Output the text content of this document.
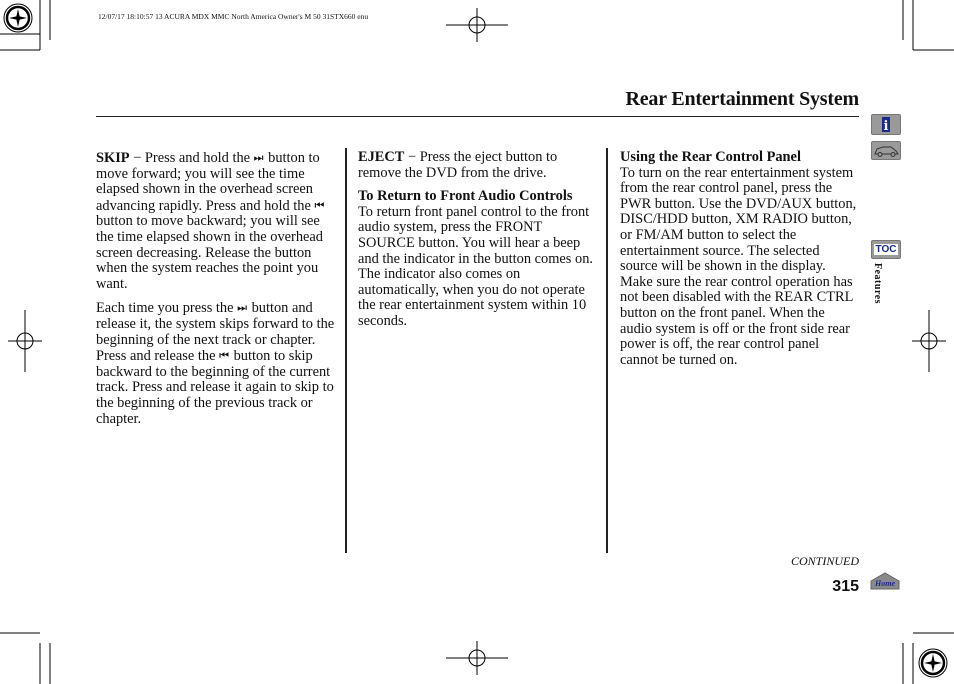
12/07/17 18:10:57 13 ACURA MDX MMC North America Owner's M 50 31STX660 enu
Rear Entertainment System

SKIP − Press and hold the ⏭ button to move forward; you will see the time elapsed shown in the overhead screen advancing rapidly. Press and hold the ⏮ button to move backward; you will see the time elapsed shown in the overhead screen decreasing. Release the button when the system reaches the point you want.

Each time you press the ⏭ button and release it, the system skips forward to the beginning of the next track or chapter. Press and release the ⏮ button to skip backward to the beginning of the current track. Press and release it again to skip to the beginning of the previous track or chapter.

EJECT − Press the eject button to remove the DVD from the drive.

To Return to Front Audio Controls
To return front panel control to the front audio system, press the FRONT SOURCE button. You will hear a beep and the indicator in the button comes on. The indicator also comes on automatically, when you do not operate the rear entertainment system within 10 seconds.

Using the Rear Control Panel
To turn on the rear entertainment system from the rear control panel, press the PWR button. Use the DVD/AUX button, DISC/HDD button, XM RADIO button, or FM/AM button to select the entertainment source. The selected source will be shown in the display. Make sure the rear control operation has not been disabled with the REAR CTRL button on the front panel. When the audio system is off or the front side rear power is off, the rear control panel cannot be turned on.

i
TOC
Features
CONTINUED
315 Home
